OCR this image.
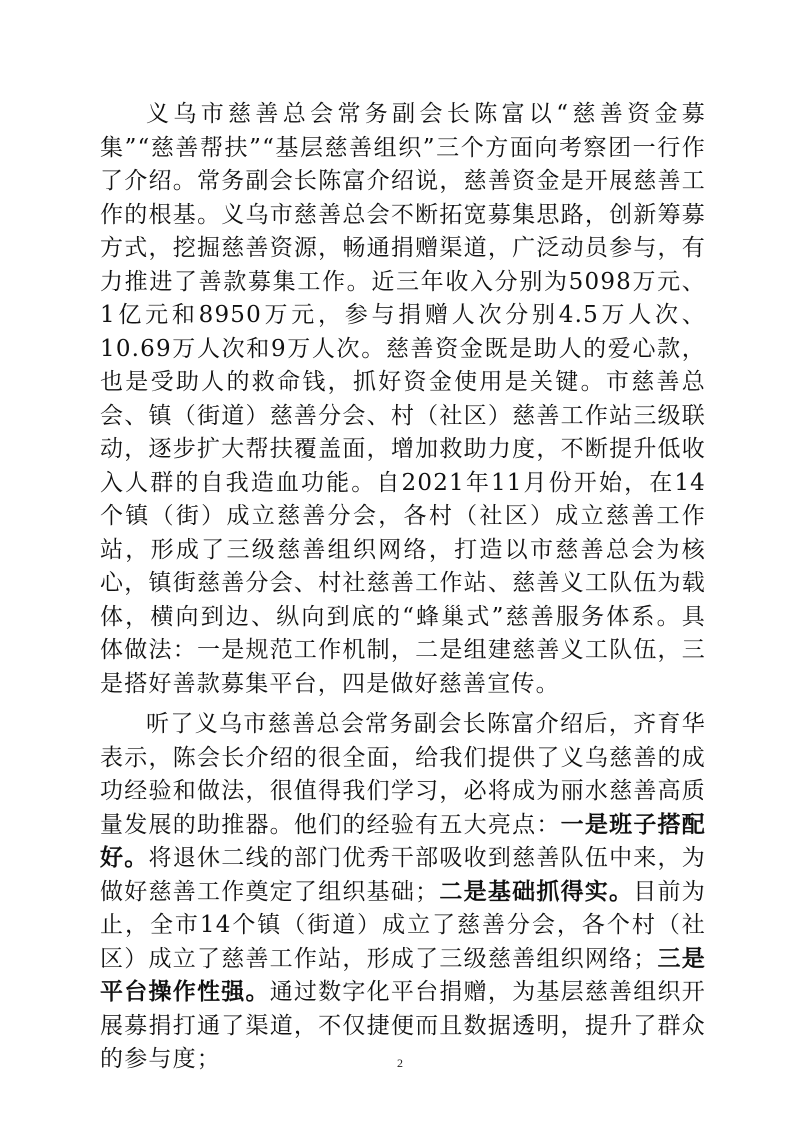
义乌市慈善总会常务副会长陈富以“慈善资金募集”“慈善帮扶”“基层慈善组织”三个方面向考察团一行作了介绍。常务副会长陈富介绍说，慈善资金是开展慈善工作的根基。义乌市慈善总会不断拓宽募集思路，创新筹募方式，挖掘慈善资源，畅通捐赠渠道，广泛动员参与，有力推进了善款募集工作。近三年收入分别为5098万元、1亿元和8950万元，参与捐赠人次分别4.5万人次、10.69万人次和9万人次。慈善资金既是助人的爱心款，也是受助人的救命钱，抓好资金使用是关键。市慈善总会、镇（街道）慈善分会、村（社区）慈善工作站三级联动，逐步扩大帮扶覆盖面，增加救助力度，不断提升低收入人群的自我造血功能。自2021年11月份开始，在14个镇（街）成立慈善分会，各村（社区）成立慈善工作站，形成了三级慈善组织网络，打造以市慈善总会为核心，镇街慈善分会、村社慈善工作站、慈善义工队伍为载体，横向到边、纵向到底的“蜂巢式”慈善服务体系。具体做法：一是规范工作机制，二是组建慈善义工队伍，三是搭好善款募集平台，四是做好慈善宣传。

听了义乌市慈善总会常务副会长陈富介绍后，齐育华表示，陈会长介绍的很全面，给我们提供了义乌慈善的成功经验和做法，很值得我们学习，必将成为丽水慈善高质量发展的助推器。他们的经验有五大亮点：一是班子搭配好。将退休二线的部门优秀干部吸收到慈善队伍中来，为做好慈善工作奠定了组织基础；二是基础抓得实。目前为止，全市14个镇（街道）成立了慈善分会，各个村（社区）成立了慈善工作站，形成了三级慈善组织网络；三是平台操作性强。通过数字化平台捐赠，为基层慈善组织开展募捐打通了渠道，不仅捷便而且数据透明，提升了群众的参与度；	2
